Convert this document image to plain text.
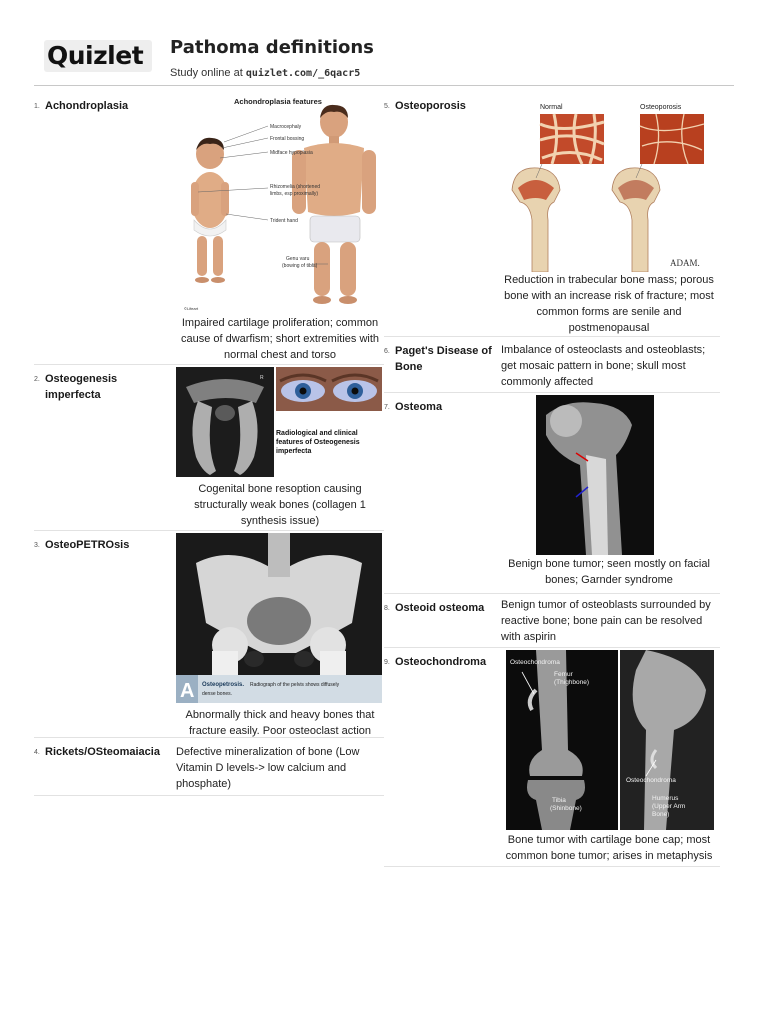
Quizlet	Pathoma definitions
Study online at quizlet.com/_6qacr5
1. Achondroplasia	Achondroplasia features
Macrocephaly
Frontal bossing
Midface hypoplasia
Rhizomelia (shortened
limbs, esp proximally)
Trident hand
Genu varu
(bowing of tibia)
©Lifeart
Impaired cartilage proliferation; common cause of dwarfism; short extremities with normal chest and torso
2. Osteogenesis imperfecta
R
Radiological and clinical
features of Osteogenesis
imperfecta
Cogenital bone resoption causing structurally weak bones (collagen 1 synthesis issue)
3. OsteoPETROsis
A Osteopetrosis. Radiograph of the pelvis shows diffusely
dense bones.
Abnormally thick and heavy bones that fracture easily. Poor osteoclast action
4. Rickets/OSteomaiacia	Defective mineralization of bone (Low Vitamin D levels-> low calcium and phosphate)
5. Osteoporosis	Normal	Osteoporosis
ADAM.
Reduction in trabecular bone mass; porous bone with an increase risk of fracture; most common forms are senile and postmenopausal
6. Paget's Disease of Bone
Imbalance of osteoclasts and osteoblasts; get mosaic pattern in bone; skull most commonly affected
7. Osteoma
Benign bone tumor; seen mostly on facial bones; Garnder syndrome
8. Osteoid osteoma	Benign tumor of osteoblasts surrounded by reactive bone; bone pain can be resolved with aspirin
9. Osteochondroma	Osteochondroma
Femur
(Thighbone)
Tibia
(Shinbone)
Osteochondroma
Humerus
(Upper Arm
Bone)
Bone tumor with cartilage bone cap; most common bone tumor; arises in metaphysis
